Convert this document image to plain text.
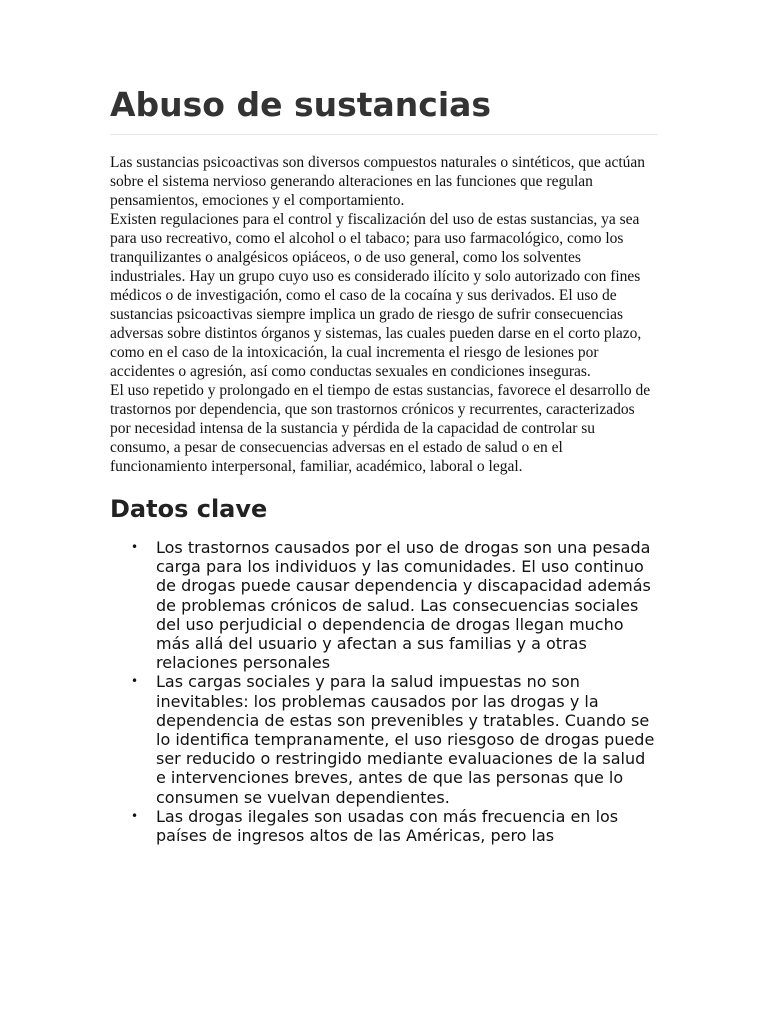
Abuso de sustancias

Las sustancias psicoactivas son diversos compuestos naturales o sintéticos, que actúan sobre el sistema nervioso generando alteraciones en las funciones que regulan pensamientos, emociones y el comportamiento.

Existen regulaciones para el control y fiscalización del uso de estas sustancias, ya sea para uso recreativo, como el alcohol o el tabaco; para uso farmacológico, como los tranquilizantes o analgésicos opiáceos, o de uso general, como los solventes industriales. Hay un grupo cuyo uso es considerado ilícito y solo autorizado con fines médicos o de investigación, como el caso de la cocaína y sus derivados. El uso de sustancias psicoactivas siempre implica un grado de riesgo de sufrir consecuencias adversas sobre distintos órganos y sistemas, las cuales pueden darse en el corto plazo, como en el caso de la intoxicación, la cual incrementa el riesgo de lesiones por accidentes o agresión, así como conductas sexuales en condiciones inseguras.

El uso repetido y prolongado en el tiempo de estas sustancias, favorece el desarrollo de trastornos por dependencia, que son trastornos crónicos y recurrentes, caracterizados por necesidad intensa de la sustancia y pérdida de la capacidad de controlar su consumo, a pesar de consecuencias adversas en el estado de salud o en el funcionamiento interpersonal, familiar, académico, laboral o legal.

Datos clave
• Los trastornos causados por el uso de drogas son una pesada carga para los individuos y las comunidades. El uso continuo de drogas puede causar dependencia y discapacidad además de problemas crónicos de salud. Las consecuencias sociales del uso perjudicial o dependencia de drogas llegan mucho más allá del usuario y afectan a sus familias y a otras relaciones personales
• Las cargas sociales y para la salud impuestas no son inevitables: los problemas causados por las drogas y la dependencia de estas son prevenibles y tratables. Cuando se lo identifica tempranamente, el uso riesgoso de drogas puede ser reducido o restringido mediante evaluaciones de la salud e intervenciones breves, antes de que las personas que lo consumen se vuelvan dependientes.
• Las drogas ilegales son usadas con más frecuencia en los países de ingresos altos de las Américas, pero las
